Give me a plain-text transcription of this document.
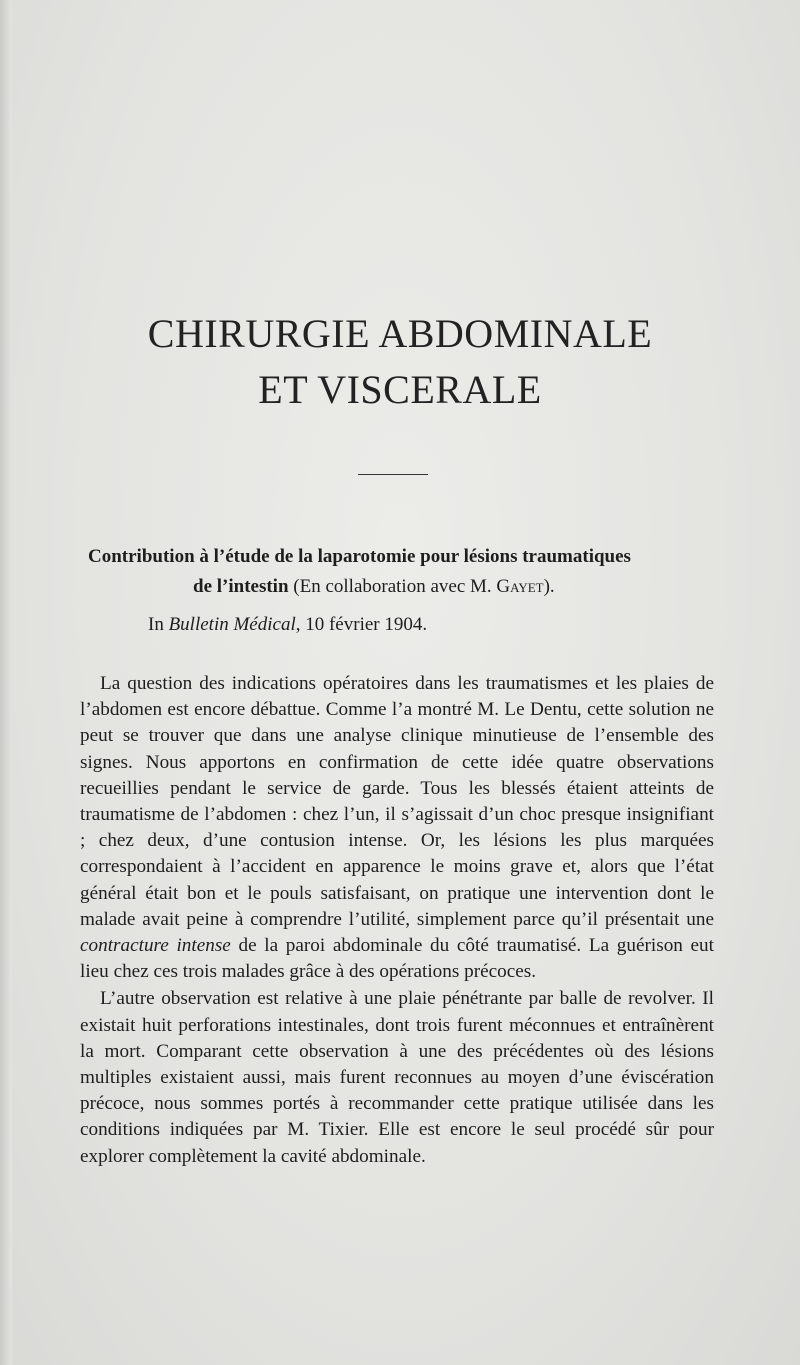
CHIRURGIE ABDOMINALE
ET VISCERALE
Contribution à l’étude de la laparotomie pour lésions traumatiques
de l’intestin (En collaboration avec M. Gayet).
In Bulletin Médical, 10 février 1904.

La question des indications opératoires dans les traumatismes et les plaies de l’abdomen est encore débattue. Comme l’a montré M. Le Dentu, cette solution ne peut se trouver que dans une analyse clinique minutieuse de l’ensemble des signes. Nous apportons en confirmation de cette idée quatre observations recueillies pendant le service de garde. Tous les blessés étaient atteints de traumatisme de l’abdomen : chez l’un, il s’agissait d’un choc presque insignifiant ; chez deux, d’une contusion intense. Or, les lésions les plus marquées correspondaient à l’accident en apparence le moins grave et, alors que l’état général était bon et le pouls satisfaisant, on pratique une intervention dont le malade avait peine à comprendre l’utilité, simplement parce qu’il présentait une contracture intense de la paroi abdominale du côté traumatisé. La guérison eut lieu chez ces trois malades grâce à des opérations précoces.

L’autre observation est relative à une plaie pénétrante par balle de revolver. Il existait huit perforations intestinales, dont trois furent méconnues et entraînèrent la mort. Comparant cette observation à une des précédentes où des lésions multiples existaient aussi, mais furent reconnues au moyen d’une éviscération précoce, nous sommes portés à recommander cette pratique utilisée dans les conditions indiquées par M. Tixier. Elle est encore le seul procédé sûr pour explorer complètement la cavité abdominale.
